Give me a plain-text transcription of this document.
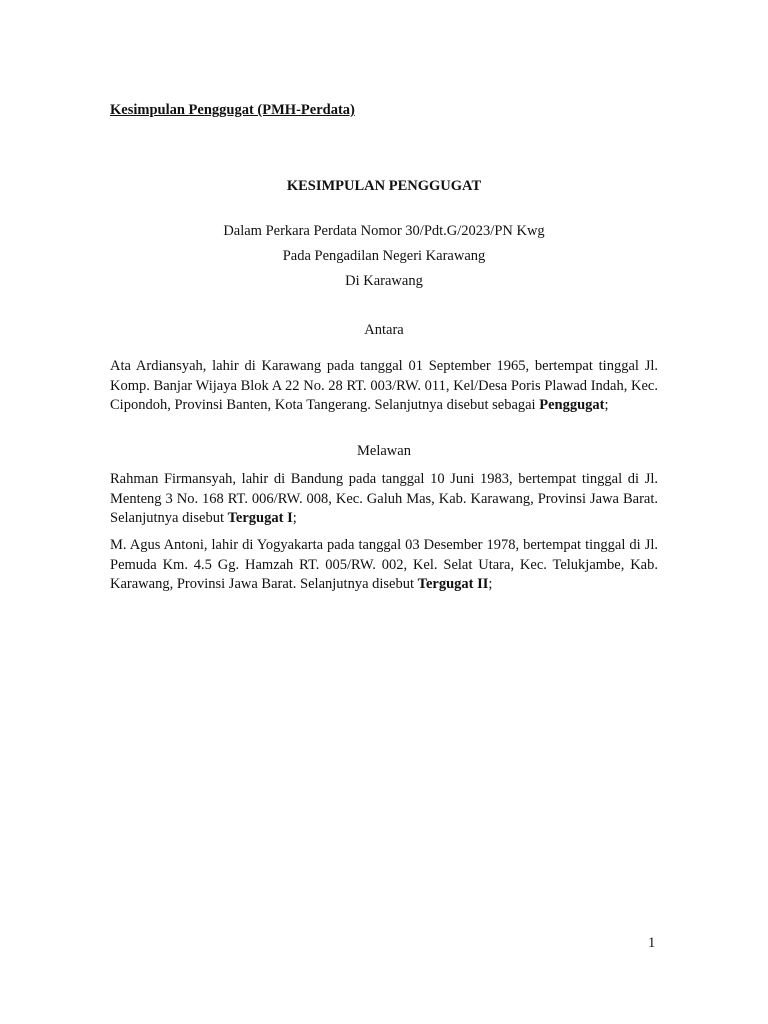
Kesimpulan Penggugat (PMH-Perdata)
KESIMPULAN PENGGUGAT
Dalam Perkara Perdata Nomor 30/Pdt.G/2023/PN Kwg
Pada Pengadilan Negeri Karawang
Di Karawang
Antara
Ata Ardiansyah, lahir di Karawang pada tanggal 01 September 1965, bertempat tinggal Jl. Komp. Banjar Wijaya Blok A 22 No. 28 RT. 003/RW. 011, Kel/Desa Poris Plawad Indah, Kec. Cipondoh, Provinsi Banten, Kota Tangerang. Selanjutnya disebut sebagai Penggugat;
Melawan
Rahman Firmansyah, lahir di Bandung pada tanggal 10 Juni 1983, bertempat tinggal di Jl. Menteng 3 No. 168 RT. 006/RW. 008, Kec. Galuh Mas, Kab. Karawang, Provinsi Jawa Barat. Selanjutnya disebut Tergugat I;
M. Agus Antoni, lahir di Yogyakarta pada tanggal 03 Desember 1978, bertempat tinggal di Jl. Pemuda Km. 4.5 Gg. Hamzah RT. 005/RW. 002, Kel. Selat Utara, Kec. Telukjambe, Kab. Karawang, Provinsi Jawa Barat. Selanjutnya disebut Tergugat II;
1
